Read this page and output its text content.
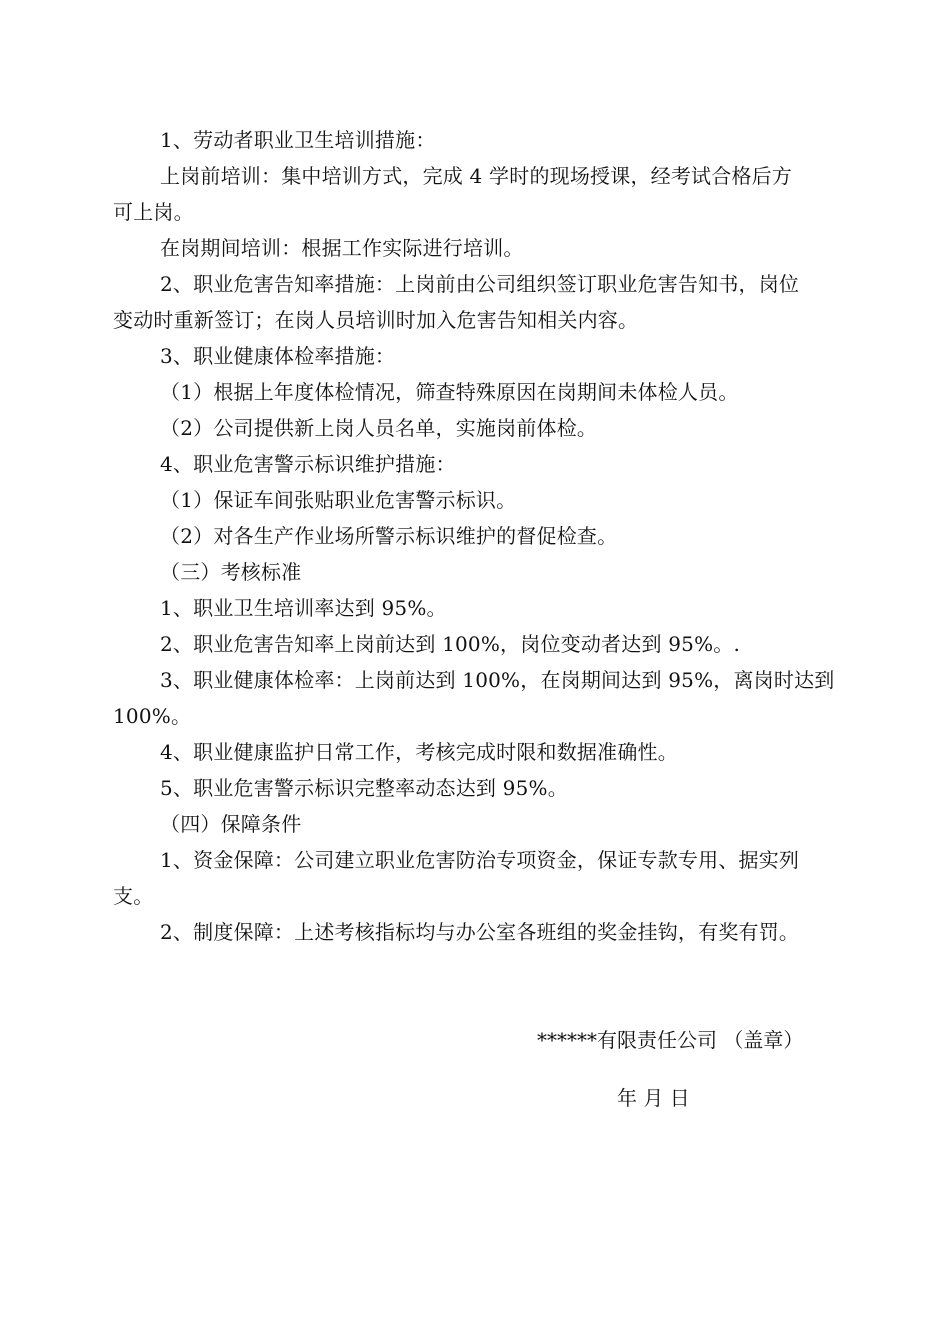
1、劳动者职业卫生培训措施：
上岗前培训：集中培训方式，完成 4 学时的现场授课，经考试合格后方
可上岗。
在岗期间培训：根据工作实际进行培训。
2、职业危害告知率措施：上岗前由公司组织签订职业危害告知书，岗位
变动时重新签订；在岗人员培训时加入危害告知相关内容。
3、职业健康体检率措施：
（1）根据上年度体检情况，筛查特殊原因在岗期间未体检人员。
（2）公司提供新上岗人员名单，实施岗前体检。
4、职业危害警示标识维护措施：
（1）保证车间张贴职业危害警示标识。
（2）对各生产作业场所警示标识维护的督促检查。
（三）考核标准
1、职业卫生培训率达到 95%。
2、职业危害告知率上岗前达到 100%，岗位变动者达到 95%。.
3、职业健康体检率：上岗前达到 100%，在岗期间达到 95%，离岗时达到
100%。
4、职业健康监护日常工作，考核完成时限和数据准确性。
5、职业危害警示标识完整率动态达到 95%。
（四）保障条件
1、资金保障：公司建立职业危害防治专项资金，保证专款专用、据实列
支。
2、制度保障：上述考核指标均与办公室各班组的奖金挂钩，有奖有罚。
******有限责任公司 （盖章）
年 月 日
